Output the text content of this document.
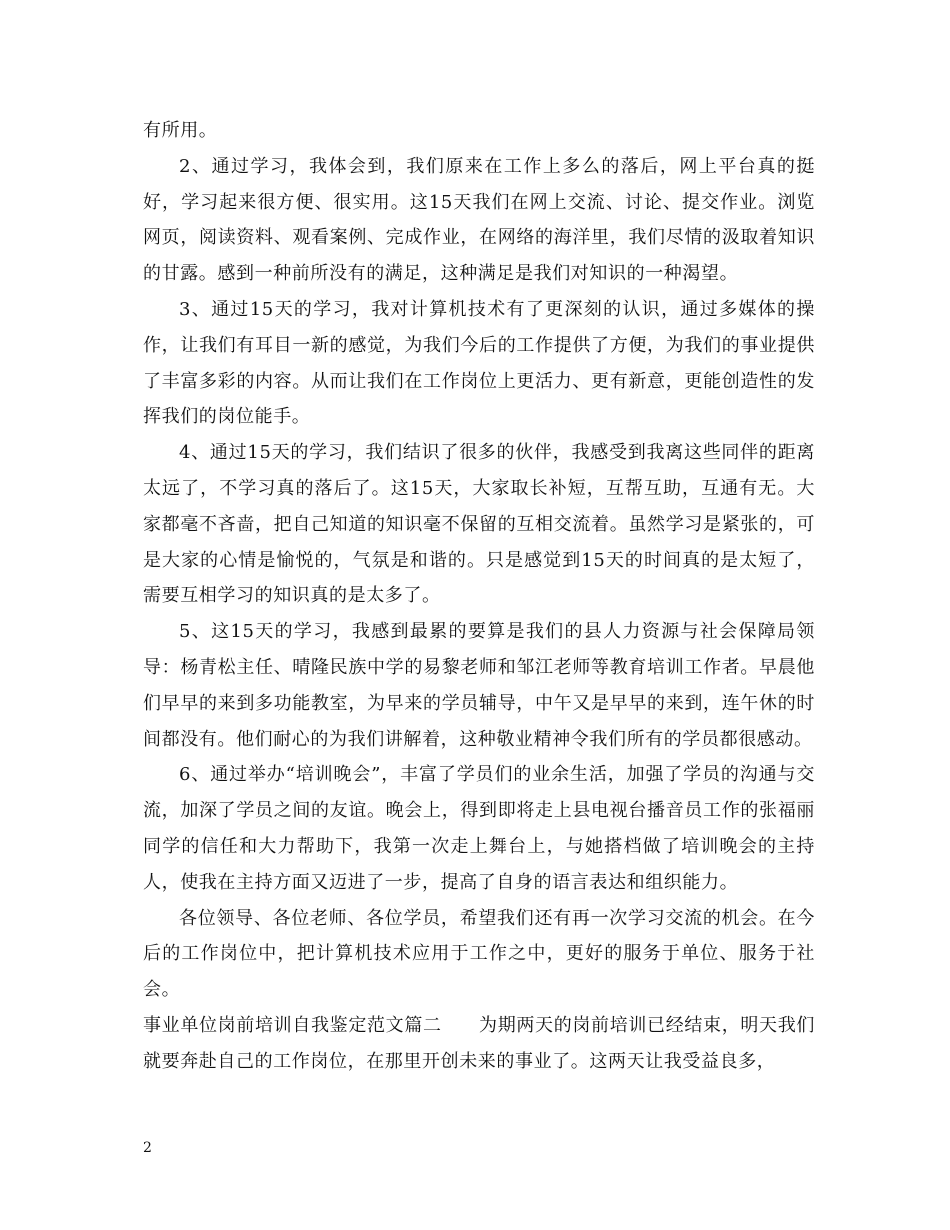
有所用。

2、通过学习，我体会到，我们原来在工作上多么的落后，网上平台真的挺好，学习起来很方便、很实用。这15天我们在网上交流、讨论、提交作业。浏览网页，阅读资料、观看案例、完成作业，在网络的海洋里，我们尽情的汲取着知识的甘露。感到一种前所没有的满足，这种满足是我们对知识的一种渴望。

3、通过15天的学习，我对计算机技术有了更深刻的认识，通过多媒体的操作，让我们有耳目一新的感觉，为我们今后的工作提供了方便，为我们的事业提供了丰富多彩的内容。从而让我们在工作岗位上更活力、更有新意，更能创造性的发挥我们的岗位能手。

4、通过15天的学习，我们结识了很多的伙伴，我感受到我离这些同伴的距离太远了，不学习真的落后了。这15天，大家取长补短，互帮互助，互通有无。大家都毫不吝啬，把自己知道的知识毫不保留的互相交流着。虽然学习是紧张的，可是大家的心情是愉悦的，气氛是和谐的。只是感觉到15天的时间真的是太短了，需要互相学习的知识真的是太多了。

5、这15天的学习，我感到最累的要算是我们的县人力资源与社会保障局领导：杨青松主任、晴隆民族中学的易黎老师和邹江老师等教育培训工作者。早晨他们早早的来到多功能教室，为早来的学员辅导，中午又是早早的来到，连午休的时间都没有。他们耐心的为我们讲解着，这种敬业精神令我们所有的学员都很感动。

6、通过举办“培训晚会”，丰富了学员们的业余生活，加强了学员的沟通与交流，加深了学员之间的友谊。晚会上，得到即将走上县电视台播音员工作的张福丽同学的信任和大力帮助下，我第一次走上舞台上，与她搭档做了培训晚会的主持人，使我在主持方面又迈进了一步，提高了自身的语言表达和组织能力。

各位领导、各位老师、各位学员，希望我们还有再一次学习交流的机会。在今后的工作岗位中，把计算机技术应用于工作之中，更好的服务于单位、服务于社会。

事业单位岗前培训自我鉴定范文篇二　　为期两天的岗前培训已经结束，明天我们就要奔赴自己的工作岗位，在那里开创未来的事业了。这两天让我受益良多，

2
